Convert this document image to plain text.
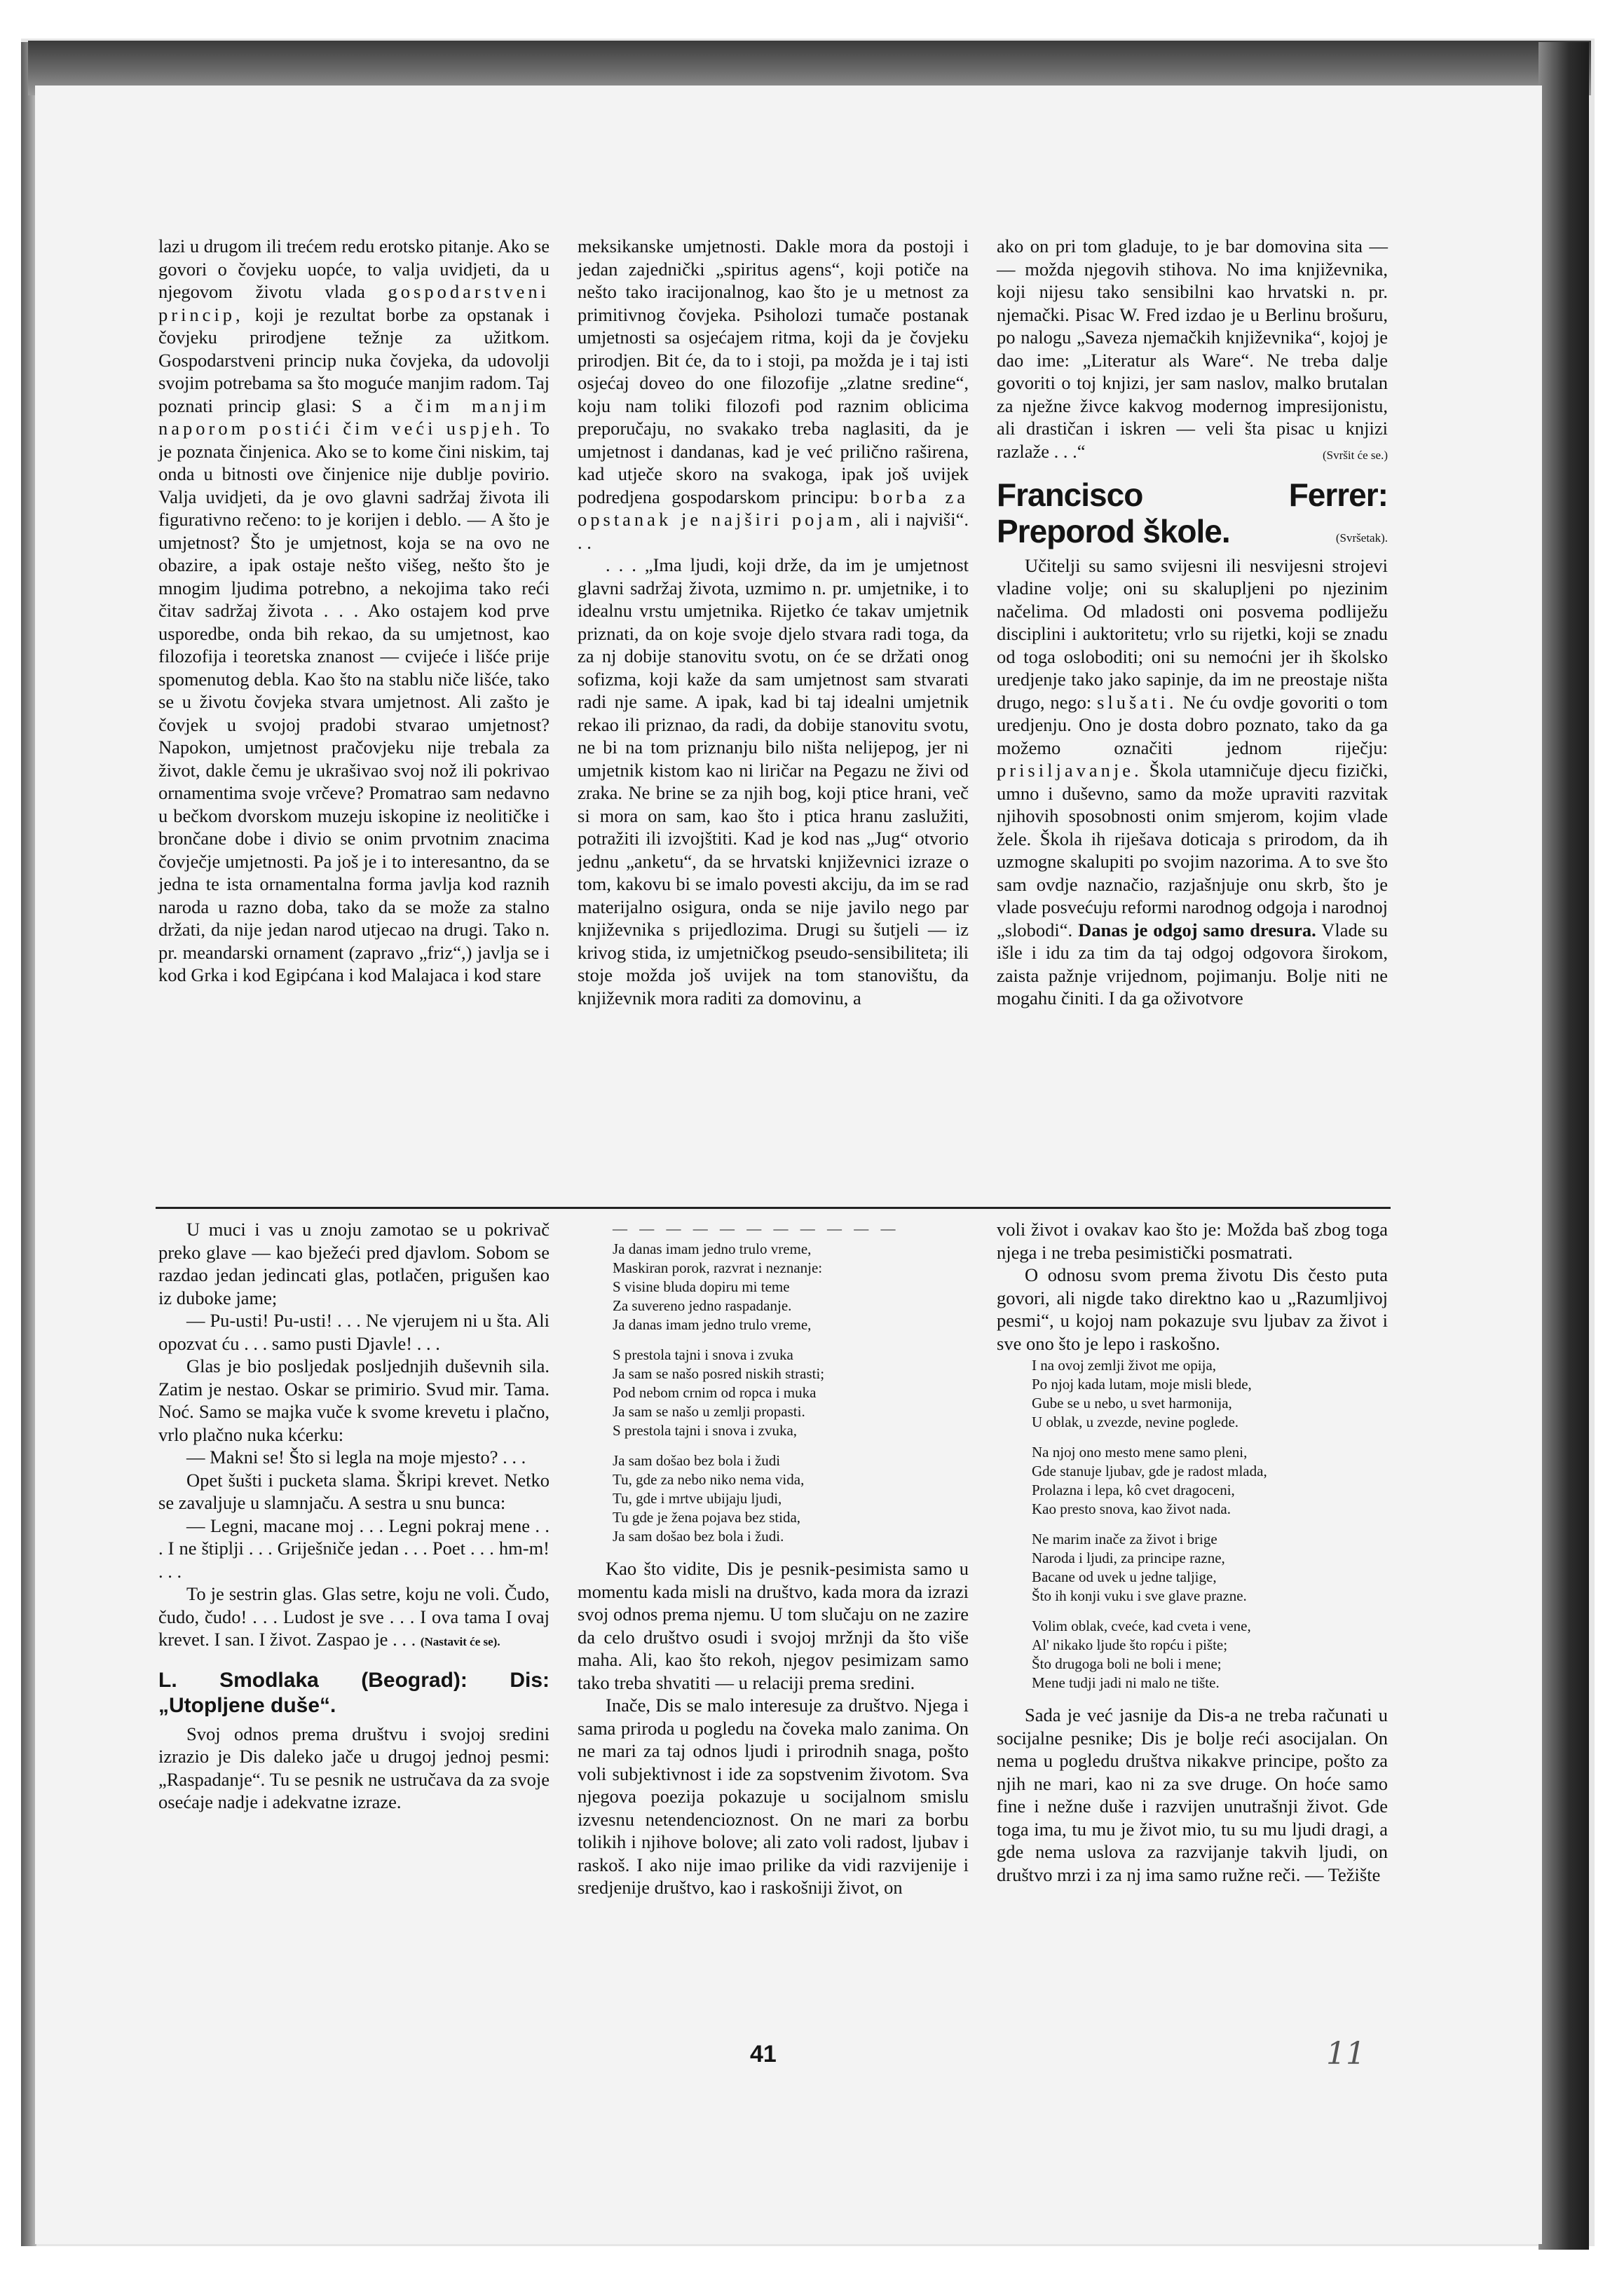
lazi u drugom ili trećem redu erotsko pitanje. Ako se govori o čovjeku uopće, to valja uvidjeti, da u njegovom životu vlada gospodarstveni princip, koji je rezultat borbe za opstanak i čovjeku prirodjene težnje za užitkom. Gospodarstveni princip nuka čovjeka, da udovolji svojim potrebama sa što moguće manjim radom. Taj poznati princip glasi: S a čim manjim naporom postići čim veći uspjeh. To je poznata činjenica. Ako se to kome čini niskim, taj onda u bitnosti ove činjenice nije dublje povirio. Valja uvidjeti, da je ovo glavni sadržaj života ili figurativno rečeno: to je korijen i deblo. — A što je umjetnost? Što je umjetnost, koja se na ovo ne obazire, a ipak ostaje nešto višeg, nešto što je mnogim ljudima potrebno, a nekojima tako reći čitav sadržaj života . . . Ako ostajem kod prve usporedbe, onda bih rekao, da su umjetnost, kao filozofija i teoretska znanost — cvijeće i lišće prije spomenutog debla. Kao što na stablu niče lišće, tako se u životu čovjeka stvara umjetnost. Ali zašto je čovjek u svojoj pradobi stvarao umjetnost? Napokon, umjetnost pračovjeku nije trebala za život, dakle čemu je ukrašivao svoj nož ili pokrivao ornamentima svoje vrčeve? Promatrao sam nedavno u bečkom dvorskom muzeju iskopine iz neolitičke i brončane dobe i divio se onim prvotnim znacima čovječje umjetnosti. Pa još je i to interesantno, da se jedna te ista ornamentalna forma javlja kod raznih naroda u razno doba, tako da se može za stalno držati, da nije jedan narod utjecao na drugi. Tako n. pr. meandarski ornament (zapravo „friz“,) javlja se i kod Grka i kod Egipćana i kod Malajaca i kod stare

meksikanske umjetnosti. Dakle mora da postoji i jedan zajednički „spiritus agens“, koji potiče na nešto tako iracijonalnog, kao što je u metnost za primitivnog čovjeka. Psiholozi tumače postanak umjetnosti sa osjećajem ritma, koji da je čovjeku prirodjen. Bit će, da to i stoji, pa možda je i taj isti osjećaj doveo do one filozofije „zlatne sredine“, koju nam toliki filozofi pod raznim oblicima preporučaju, no svakako treba naglasiti, da je umjetnost i dandanas, kad je već prilično raširena, kad utječe skoro na svakoga, ipak još uvijek podredjena gospodarskom principu: borba za opstanak je najširi pojam, ali i najviši“. . .

. . . „Ima ljudi, koji drže, da im je umjetnost glavni sadržaj života, uzmimo n. pr. umjetnike, i to idealnu vrstu umjetnika. Rijetko će takav umjetnik priznati, da on koje svoje djelo stvara radi toga, da za nj dobije stanovitu svotu, on će se držati onog sofizma, koji kaže da sam umjetnost sam stvarati radi nje same. A ipak, kad bi taj idealni umjetnik rekao ili priznao, da radi, da dobije stanovitu svotu, ne bi na tom priznanju bilo ništa nelijepog, jer ni umjetnik kistom kao ni liričar na Pegazu ne živi od zraka. Ne brine se za njih bog, koji ptice hrani, več si mora on sam, kao što i ptica hranu zaslužiti, potražiti ili izvojštiti. Kad je kod nas „Jug“ otvorio jednu „anketu“, da se hrvatski književnici izraze o tom, kakovu bi se imalo povesti akciju, da im se rad materijalno osigura, onda se nije javilo nego par književnika s prijedlozima. Drugi su šutjeli — iz krivog stida, iz umjetničkog pseudo-sensibiliteta; ili stoje možda još uvijek na tom stanovištu, da književnik mora raditi za domovinu, a

ako on pri tom gladuje, to je bar domovina sita — — možda njegovih stihova. No ima književnika, koji nijesu tako sensibilni kao hrvatski n. pr. njemački. Pisac W. Fred izdao je u Berlinu brošuru, po nalogu „Saveza njemačkih književnika“, kojoj je dao ime: „Literatur als Ware“. Ne treba dalje govoriti o toj knjizi, jer sam naslov, malko brutalan za nježne živce kakvog modernog impresijonistu, ali drastičan i iskren — veli šta pisac u knjizi razlaže . . .“	(Svršit će se.)

Francisco Ferrer: Preporod škole.	(Svršetak).

Učitelji su samo svijesni ili nesvijesni strojevi vladine volje; oni su skalupljeni po njezinim načelima. Od mladosti oni posvema podliježu disciplini i auktoritetu; vrlo su rijetki, koji se znadu od toga osloboditi; oni su nemoćni jer ih školsko uredjenje tako jako sapinje, da im ne preostaje ništa drugo, nego: slušati. Ne ću ovdje govoriti o tom uredjenju. Ono je dosta dobro poznato, tako da ga možemo označiti jednom riječju: prisiljavanje. Škola utamničuje djecu fizički, umno i duševno, samo da može upraviti razvitak njihovih sposobnosti onim smjerom, kojim vlade žele. Škola ih riješava doticaja s prirodom, da ih uzmogne skalupiti po svojim nazorima. A to sve što sam ovdje naznačio, razjašnjuje onu skrb, što je vlade posvećuju reformi narodnog odgoja i narodnoj „slobodi“. Danas je odgoj samo dresura. Vlade su išle i idu za tim da taj odgoj odgovora širokom, zaista pažnje vrijednom, pojimanju. Bolje niti ne mogahu činiti. I da ga oživotvore

U muci i vas u znoju zamotao se u pokrivač preko glave — kao bježeći pred djavlom. Sobom se razdao jedan jedincati glas, potlačen, prigušen kao iz duboke jame;

— Pu-usti! Pu-usti! . . . Ne vjerujem ni u šta. Ali opozvat ću . . . samo pusti Djavle! . . .

Glas je bio posljedak posljednjih duševnih sila. Zatim je nestao. Oskar se primirio. Svud mir. Tama. Noć. Samo se majka vuče k svome krevetu i plačno, vrlo plačno nuka kćerku:

— Makni se! Što si legla na moje mjesto? . . .

Opet šušti i pucketa slama. Škripi krevet. Netko se zavaljuje u slamnjaču. A sestra u snu bunca:

— Legni, macane moj . . . Legni pokraj mene . . . I ne štiplji . . . Griješniče jedan . . . Poet . . . hm-m! . . .

To je sestrin glas. Glas setre, koju ne voli. Čudo, čudo, čudo! . . . Ludost je sve . . . I ova tama I ovaj krevet. I san. I život. Zaspao je . . . (Nastavit će se).

L. Smodlaka (Beograd): Dis: „Utopljene duše“.

Svoj odnos prema društvu i svojoj sredini izrazio je Dis daleko jače u drugoj jednoj pesmi: „Raspadanje“. Tu se pesnik ne ustručava da za svoje osećaje nadje i adekvatne izraze.

— — — — — — — — — — —
Ja danas imam jedno trulo vreme,
Maskiran porok, razvrat i neznanje:
S visine bluda dopiru mi teme
Za suvereno jedno raspadanje.
Ja danas imam jedno trulo vreme,
S prestola tajni i snova i zvuka
Ja sam se našo posred niskih strasti;
Pod nebom crnim od ropca i muka
Ja sam se našo u zemlji propasti.
S prestola tajni i snova i zvuka,
Ja sam došao bez bola i žudi
Tu, gde za nebo niko nema vida,
Tu, gde i mrtve ubijaju ljudi,
Tu gde je žena pojava bez stida,
Ja sam došao bez bola i žudi.

Kao što vidite, Dis je pesnik-pesimista samo u momentu kada misli na društvo, kada mora da izrazi svoj odnos prema njemu. U tom slučaju on ne zazire da celo društvo osudi i svojoj mržnji da što više maha. Ali, kao što rekoh, njegov pesimizam samo tako treba shvatiti — u relaciji prema sredini.

Inače, Dis se malo interesuje za društvo. Njega i sama priroda u pogledu na čoveka malo zanima. On ne mari za taj odnos ljudi i prirodnih snaga, pošto voli subjektivnost i ide za sopstvenim životom. Sva njegova poezija pokazuje u socijalnom smislu izvesnu netendencioznost. On ne mari za borbu tolikih i njihove bolove; ali zato voli radost, ljubav i raskoš. I ako nije imao prilike da vidi razvijenije i sredjenije društvo, kao i raskošniji život, on

voli život i ovakav kao što je: Možda baš zbog toga njega i ne treba pesimistički posmatrati.

O odnosu svom prema životu Dis često puta govori, ali nigde tako direktno kao u „Razumljivoj pesmi“, u kojoj nam pokazuje svu ljubav za život i sve ono što je lepo i raskošno.

I na ovoj zemlji život me opija,
Po njoj kada lutam, moje misli blede,
Gube se u nebo, u svet harmonija,
U oblak, u zvezde, nevine poglede.
Na njoj ono mesto mene samo pleni,
Gde stanuje ljubav, gde je radost mlada,
Prolazna i lepa, kô cvet dragoceni,
Kao presto snova, kao život nada.
Ne marim inače za život i brige
Naroda i ljudi, za principe razne,
Bacane od uvek u jedne taljige,
Što ih konji vuku i sve glave prazne.
Volim oblak, cveće, kad cveta i vene,
Al' nikako ljude što ropću i pište;
Što drugoga boli ne boli i mene;
Mene tudji jadi ni malo ne tište.

Sada je već jasnije da Dis-a ne treba računati u socijalne pesnike; Dis je bolje reći asocijalan. On nema u pogledu društva nikakve principe, pošto za njih ne mari, kao ni za sve druge. On hoće samo fine i nežne duše i razvijen unutrašnji život. Gde toga ima, tu mu je život mio, tu su mu ljudi dragi, a gde nema uslova za razvijanje takvih ljudi, on društvo mrzi i za nj ima samo ružne reči. — Težište

41	11
